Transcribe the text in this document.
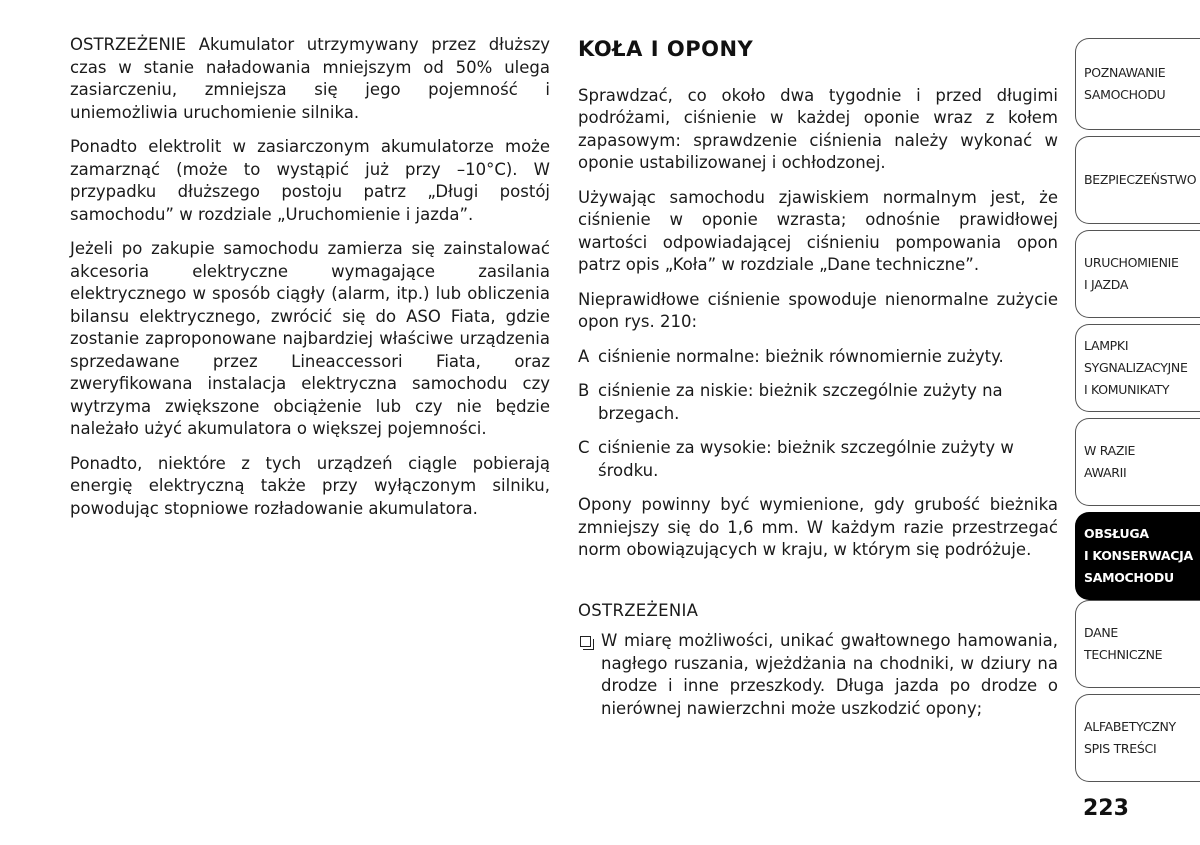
OSTRZEŻENIE Akumulator utrzymywany przez dłuższy czas w stanie naładowania mniejszym od 50% ulega zasiarczeniu, zmniejsza się jego pojemność i uniemożliwia uruchomienie silnika.

Ponadto elektrolit w zasiarczonym akumulatorze może zamarznąć (może to wystąpić już przy –10°C). W przypadku dłuższego postoju patrz „Długi postój samochodu” w rozdziale „Uruchomienie i jazda”.

Jeżeli po zakupie samochodu zamierza się zainstalować akcesoria elektryczne wymagające zasilania elektrycznego w sposób ciągły (alarm, itp.) lub obliczenia bilansu elektrycznego, zwrócić się do ASO Fiata, gdzie zostanie zaproponowane najbardziej właściwe urządzenia sprzedawane przez Lineaccessori Fiata, oraz zweryfikowana instalacja elektryczna samochodu czy wytrzyma zwiększone obciążenie lub czy nie będzie należało użyć akumulatora o większej pojemności.

Ponadto, niektóre z tych urządzeń ciągle pobierają energię elektryczną także przy wyłączonym silniku, powodując stopniowe rozładowanie akumulatora.

KOŁA I OPONY

Sprawdzać, co około dwa tygodnie i przed długimi podróżami, ciśnienie w każdej oponie wraz z kołem zapasowym: sprawdzenie ciśnienia należy wykonać w oponie ustabilizowanej i ochłodzonej.

Używając samochodu zjawiskiem normalnym jest, że ciśnienie w oponie wzrasta; odnośnie prawidłowej wartości odpowiadającej ciśnieniu pompowania opon patrz opis „Koła” w rozdziale „Dane techniczne”.

Nieprawidłowe ciśnienie spowoduje nienormalne zużycie opon rys. 210:

A ciśnienie normalne: bieżnik równomiernie zużyty.
B ciśnienie za niskie: bieżnik szczególnie zużyty na brzegach.
C ciśnienie za wysokie: bieżnik szczególnie zużyty w środku.

Opony powinny być wymienione, gdy grubość bieżnika zmniejszy się do 1,6 mm. W każdym razie przestrzegać norm obowiązujących w kraju, w którym się podróżuje.

OSTRZEŻENIA
W miarę możliwości, unikać gwałtownego hamowania, nagłego ruszania, wjeżdżania na chodniki, w dziury na drodze i inne przeszkody. Długa jazda po drodze o nierównej nawierzchni może uszkodzić opony;
POZNAWANIE
SAMOCHODU
BEZPIECZEŃSTWO
URUCHOMIENIE
I JAZDA
LAMPKI
SYGNALIZACYJNE
I KOMUNIKATY
W RAZIE
AWARII
OBSŁUGA
I KONSERWACJA
SAMOCHODU
DANE
TECHNICZNE
ALFABETYCZNY
SPIS TREŚCI
223
